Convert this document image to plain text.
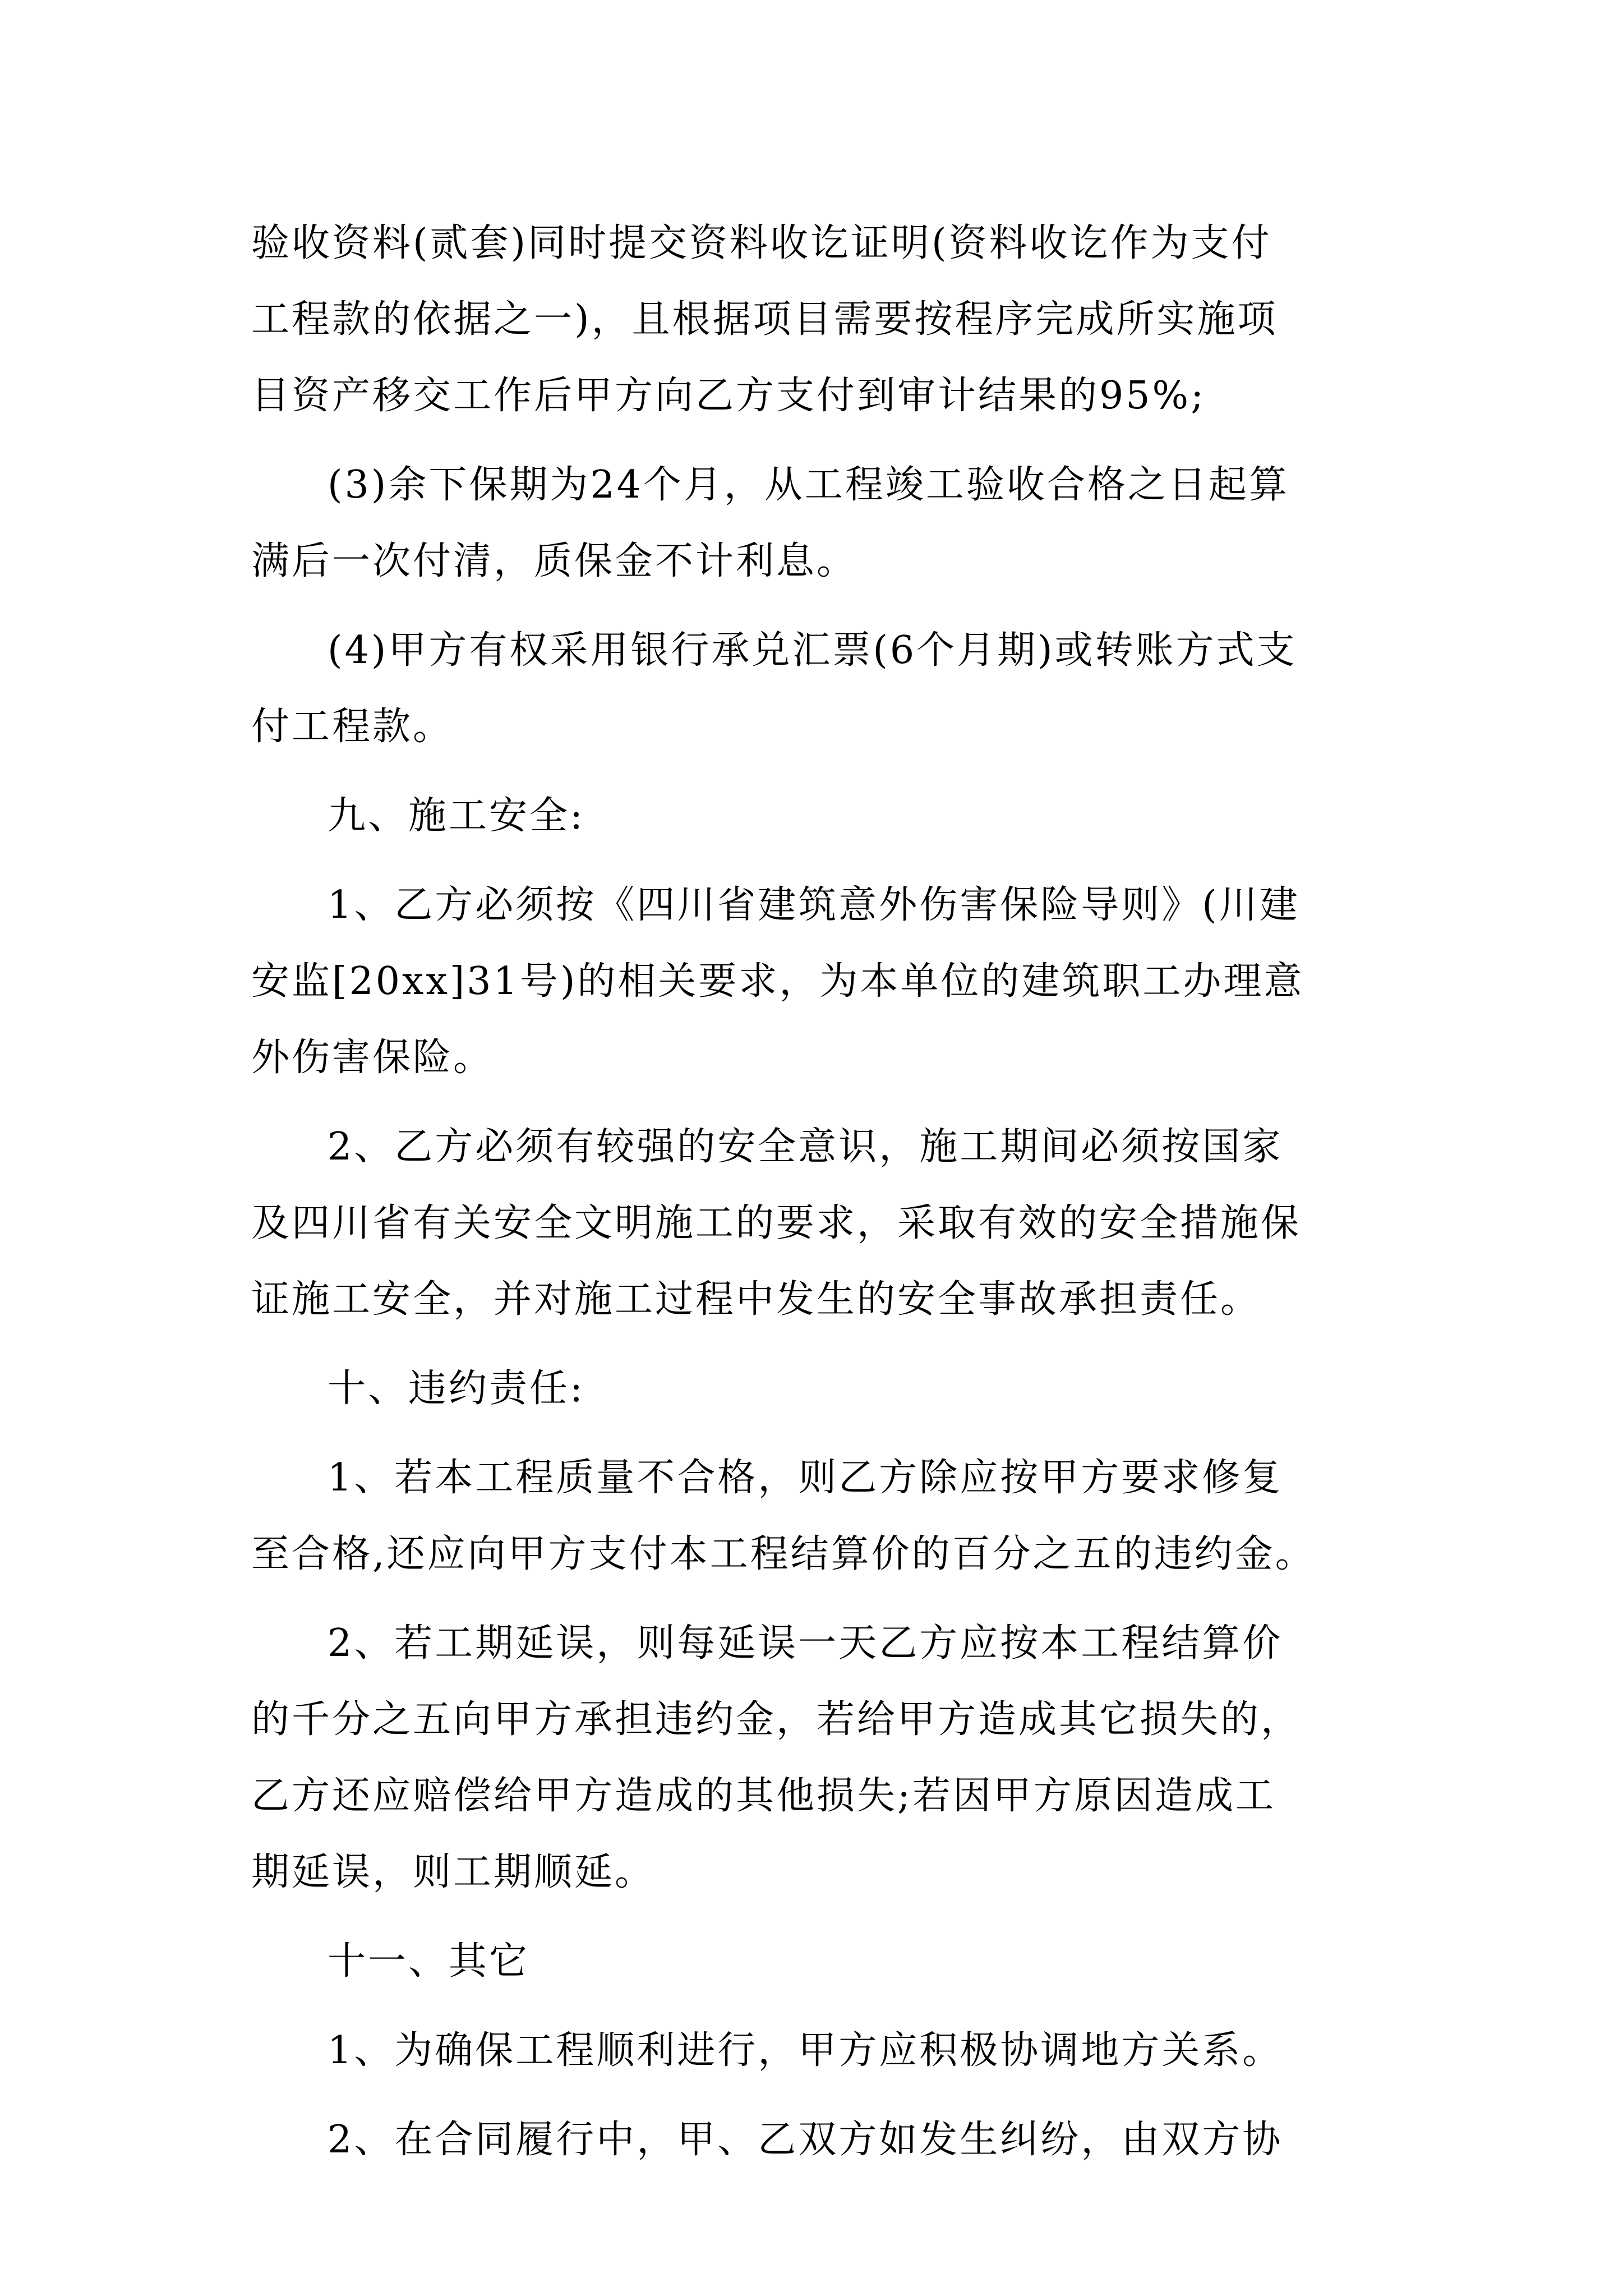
验收资料(贰套)同时提交资料收讫证明(资料收讫作为支付
工程款的依据之一)，且根据项目需要按程序完成所实施项
目资产移交工作后甲方向乙方支付到审计结果的95%;
(3)余下保期为24个月，从工程竣工验收合格之日起算
满后一次付清，质保金不计利息。
(4)甲方有权采用银行承兑汇票(6个月期)或转账方式支
付工程款。
九、施工安全:
1、乙方必须按《四川省建筑意外伤害保险导则》(川建
安监[20xx]31号)的相关要求，为本单位的建筑职工办理意
外伤害保险。
2、乙方必须有较强的安全意识，施工期间必须按国家
及四川省有关安全文明施工的要求，采取有效的安全措施保
证施工安全，并对施工过程中发生的安全事故承担责任。
十、违约责任:
1、若本工程质量不合格，则乙方除应按甲方要求修复
至合格,还应向甲方支付本工程结算价的百分之五的违约金。
2、若工期延误，则每延误一天乙方应按本工程结算价
的千分之五向甲方承担违约金，若给甲方造成其它损失的，
乙方还应赔偿给甲方造成的其他损失;若因甲方原因造成工
期延误，则工期顺延。
十一、其它
1、为确保工程顺利进行，甲方应积极协调地方关系。
2、在合同履行中，甲、乙双方如发生纠纷，由双方协
